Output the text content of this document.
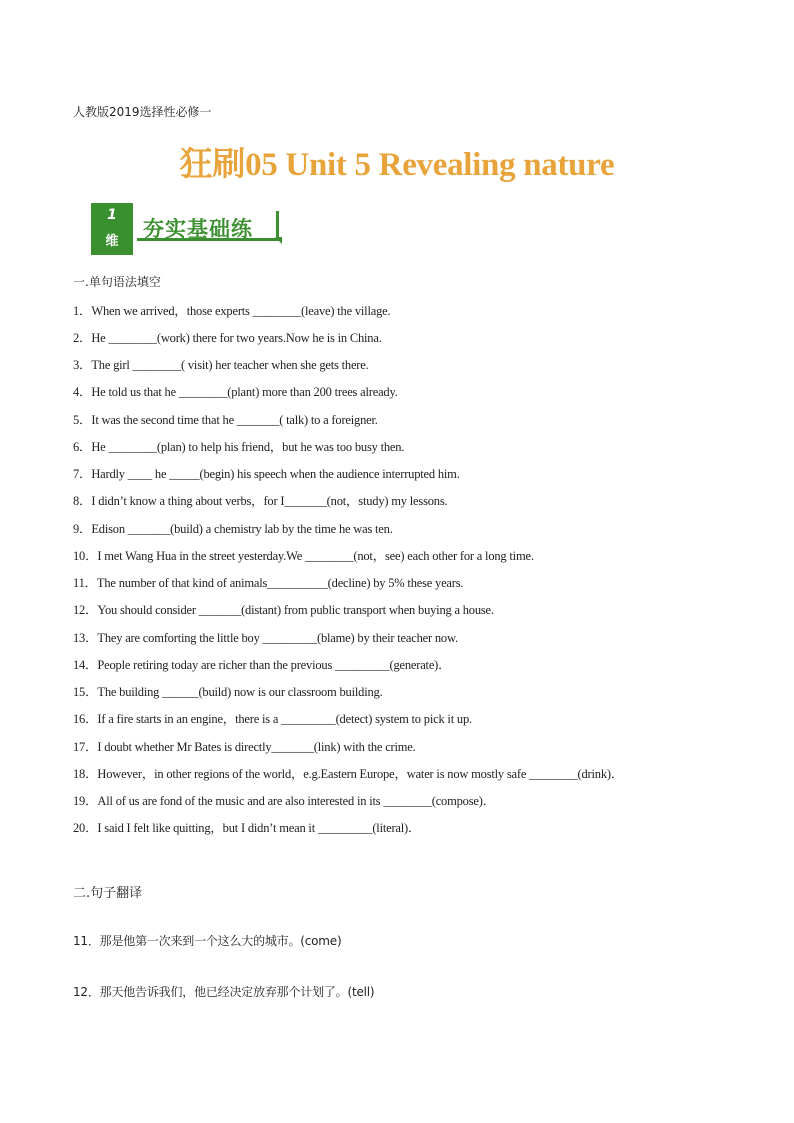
人教版2019选择性必修一
狂刷05 Unit 5 Revealing nature
1
维
夯实基础练
一.单句语法填空
1．When we arrived，those experts ________(leave) the village.
2．He ________(work) there for two years.Now he is in China.
3．The girl ________( visit) her teacher when she gets there.
4．He told us that he ________(plant) more than 200 trees already.
5．It was the second time that he _______( talk) to a foreigner.
6．He ________(plan) to help his friend，but he was too busy then.
7．Hardly ____ he _____(begin) his speech when the audience interrupted him.
8．I didn’t know a thing about verbs，for I_______(not，study) my lessons.
9．Edison _______(build) a chemistry lab by the time he was ten.
10．I met Wang Hua in the street yesterday.We ________(not，see) each other for a long time.
11．The number of that kind of animals__________(decline) by 5% these years.
12．You should consider _______(distant) from public transport when buying a house.
13．They are comforting the little boy _________(blame) by their teacher now.
14．People retiring today are richer than the previous _________(generate)．
15．The building ______(build) now is our classroom building.
16．If a fire starts in an engine，there is a _________(detect) system to pick it up.
17．I doubt whether Mr Bates is directly_______(link) with the crime.
18．However，in other regions of the world，e.g.Eastern Europe，water is now mostly safe ________(drink)．
19．All of us are fond of the music and are also interested in its ________(compose)．
20．I said I felt like quitting，but I didn’t mean it _________(literal)．
二.句子翻译
11．那是他第一次来到一个这么大的城市。(come)
12．那天他告诉我们，他已经决定放弃那个计划了。(tell)
